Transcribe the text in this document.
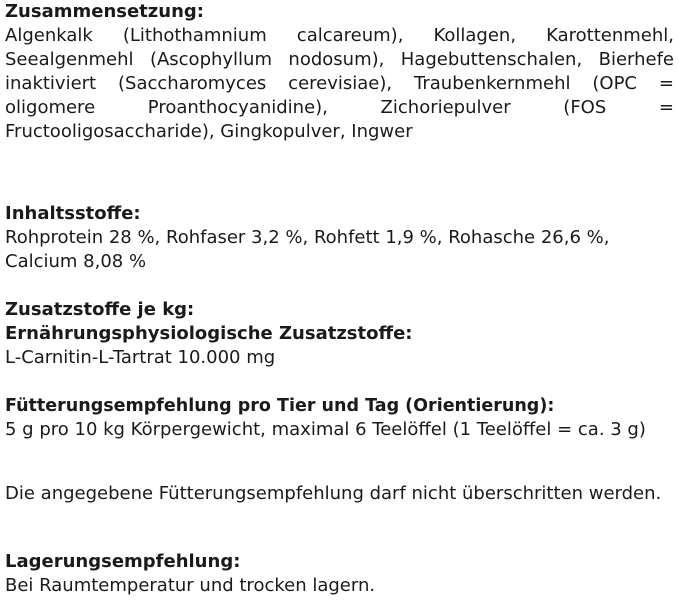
Zusammensetzung:

Algenkalk (Lithothamnium calcareum), Kollagen, Karottenmehl, Seealgenmehl (Ascophyllum nodosum), Hagebuttenschalen, Bierhefe inaktiviert (Saccharomyces cerevisiae), Traubenkernmehl (OPC = oligomere Proanthocyanidine), Zichoriepulver (FOS = Fructooligosaccharide), Gingkopulver, Ingwer

Inhaltsstoffe:

Rohprotein 28 %, Rohfaser 3,2 %, Rohfett 1,9 %, Rohasche 26,6 %, Calcium 8,08 %

Zusatzstoffe je kg:

Ernährungsphysiologische Zusatzstoffe:

L-Carnitin-L-Tartrat 10.000 mg

Fütterungsempfehlung pro Tier und Tag (Orientierung):

5 g pro 10 kg Körpergewicht, maximal 6 Teelöffel (1 Teelöffel = ca. 3 g)

Die angegebene Fütterungsempfehlung darf nicht überschritten werden.

Lagerungsempfehlung:

Bei Raumtemperatur und trocken lagern.
